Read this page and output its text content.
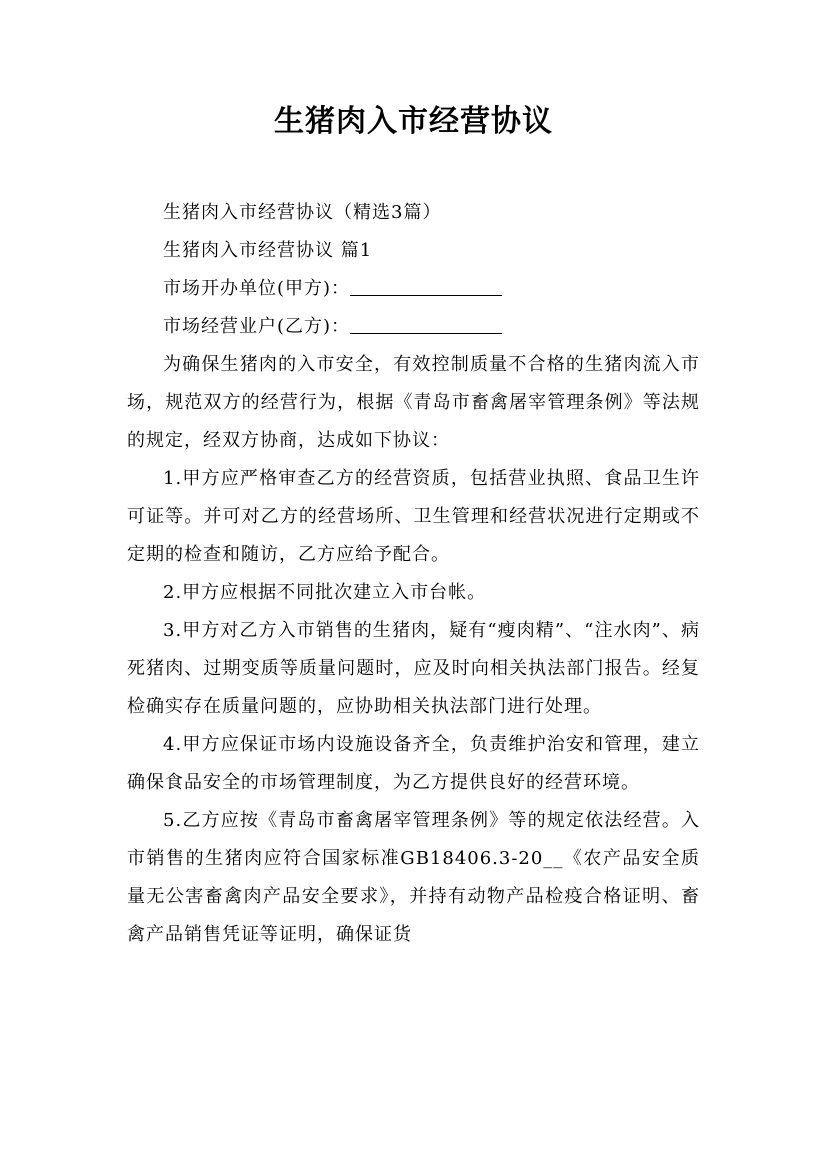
生猪肉入市经营协议

生猪肉入市经营协议（精选3篇）

生猪肉入市经营协议 篇1

市场开办单位(甲方)：

市场经营业户(乙方)：

为确保生猪肉的入市安全，有效控制质量不合格的生猪肉流入市场，规范双方的经营行为，根据《青岛市畜禽屠宰管理条例》等法规的规定，经双方协商，达成如下协议：

1.甲方应严格审查乙方的经营资质，包括营业执照、食品卫生许可证等。并可对乙方的经营场所、卫生管理和经营状况进行定期或不定期的检查和随访，乙方应给予配合。

2.甲方应根据不同批次建立入市台帐。

3.甲方对乙方入市销售的生猪肉，疑有“瘦肉精”、“注水肉”、病死猪肉、过期变质等质量问题时，应及时向相关执法部门报告。经复检确实存在质量问题的，应协助相关执法部门进行处理。

4.甲方应保证市场内设施设备齐全，负责维护治安和管理，建立确保食品安全的市场管理制度，为乙方提供良好的经营环境。

5.乙方应按《青岛市畜禽屠宰管理条例》等的规定依法经营。入市销售的生猪肉应符合国家标准GB18406.3-20__《农产品安全质量无公害畜禽肉产品安全要求》，并持有动物产品检疫合格证明、畜禽产品销售凭证等证明，确保证货
